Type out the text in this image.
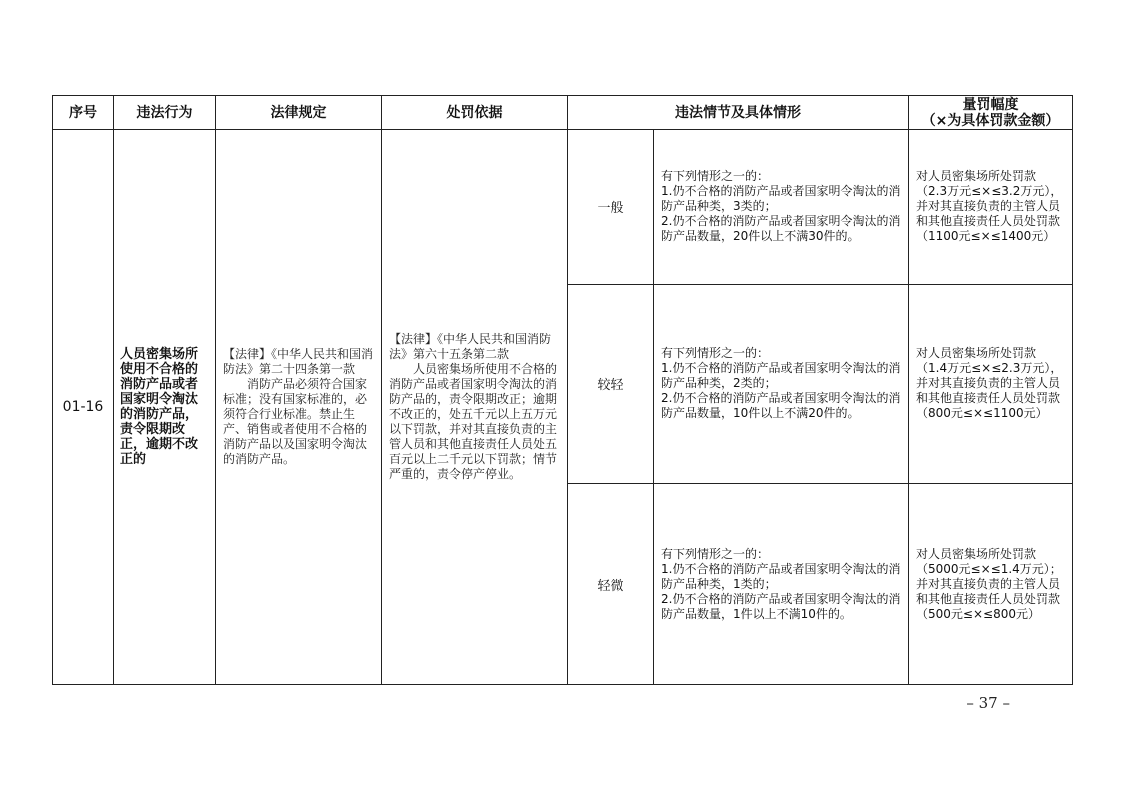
序号	违法行为	法律规定	处罚依据	违法情节及具体情形		量罚幅度
（×为具体罚款金额）

01-16	人员密集场所使用不合格的消防产品或者国家明令淘汰的消防产品，责令限期改正，逾期不改正的	【法律】《中华人民共和国消防法》第二十四条第一款
消防产品必须符合国家标准；没有国家标准的，必须符合行业标准。禁止生产、销售或者使用不合格的消防产品以及国家明令淘汰的消防产品。	【法律】《中华人民共和国消防法》第六十五条第二款
人员密集场所使用不合格的消防产品或者国家明令淘汰的消防产品的，责令限期改正；逾期不改正的，处五千元以上五万元以下罚款，并对其直接负责的主管人员和其他直接责任人员处五百元以上二千元以下罚款；情节严重的，责令停产停业。	一般	有下列情形之一的：
1.仍不合格的消防产品或者国家明令淘汰的消防产品种类，3类的；
2.仍不合格的消防产品或者国家明令淘汰的消防产品数量，20件以上不满30件的。	对人员密集场所处罚款（2.3万元≤×≤3.2万元），并对其直接负责的主管人员和其他直接责任人员处罚款（1100元≤×≤1400元）
				较轻	有下列情形之一的：
1.仍不合格的消防产品或者国家明令淘汰的消防产品种类，2类的；
2.仍不合格的消防产品或者国家明令淘汰的消防产品数量，10件以上不满20件的。	对人员密集场所处罚款（1.4万元≤×≤2.3万元），并对其直接负责的主管人员和其他直接责任人员处罚款（800元≤×≤1100元）
				轻微	有下列情形之一的：
1.仍不合格的消防产品或者国家明令淘汰的消防产品种类，1类的；
2.仍不合格的消防产品或者国家明令淘汰的消防产品数量，1件以上不满10件的。	对人员密集场所处罚款（5000元≤×≤1.4万元）；并对其直接负责的主管人员和其他直接责任人员处罚款（500元≤×≤800元）
– 37 –
